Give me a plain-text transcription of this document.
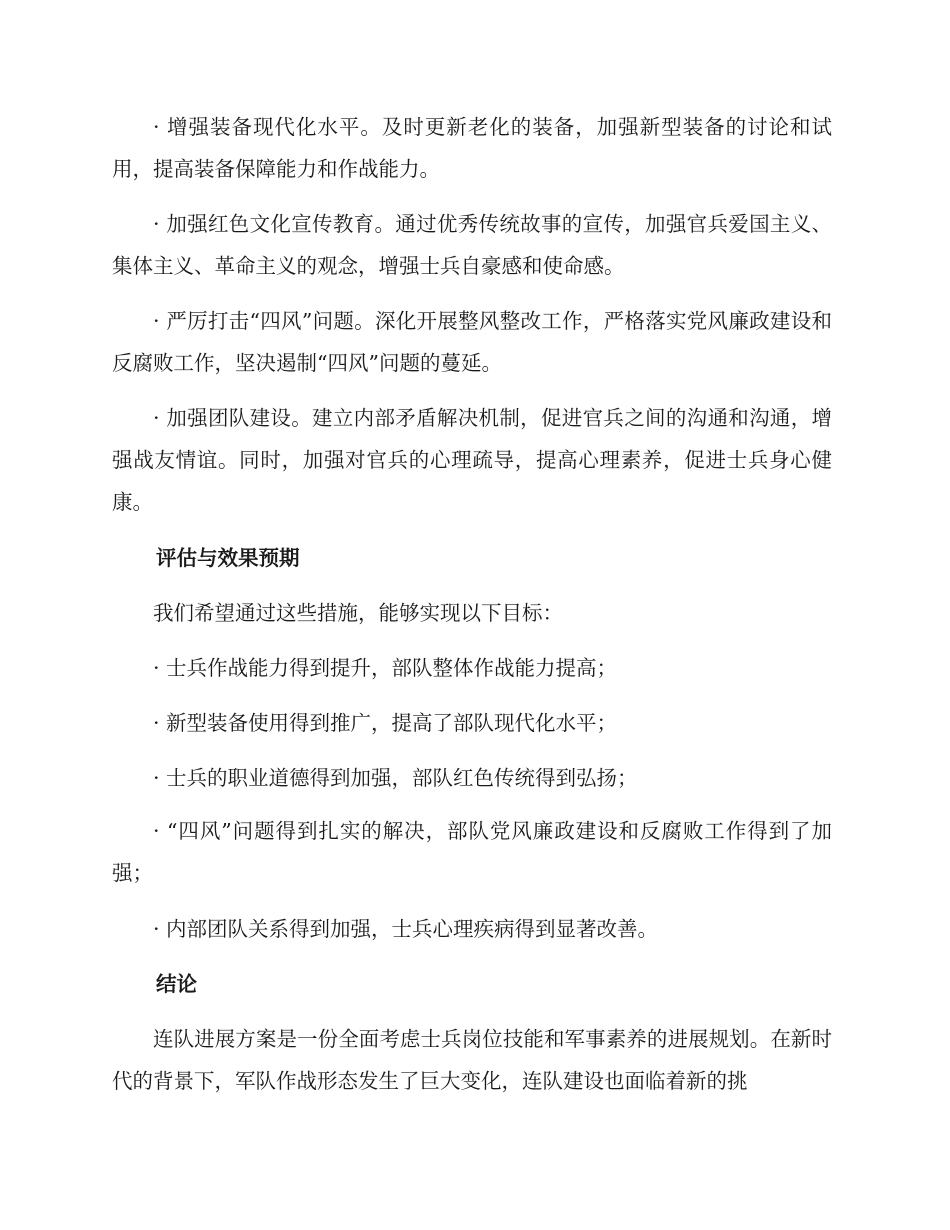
· 增强装备现代化水平。及时更新老化的装备，加强新型装备的讨论和试用，提高装备保障能力和作战能力。

· 加强红色文化宣传教育。通过优秀传统故事的宣传，加强官兵爱国主义、集体主义、革命主义的观念，增强士兵自豪感和使命感。

· 严厉打击“四风”问题。深化开展整风整改工作，严格落实党风廉政建设和反腐败工作，坚决遏制“四风”问题的蔓延。

· 加强团队建设。建立内部矛盾解决机制，促进官兵之间的沟通和沟通，增强战友情谊。同时，加强对官兵的心理疏导，提高心理素养，促进士兵身心健康。

评估与效果预期

我们希望通过这些措施，能够实现以下目标：

· 士兵作战能力得到提升，部队整体作战能力提高；

· 新型装备使用得到推广，提高了部队现代化水平；

· 士兵的职业道德得到加强，部队红色传统得到弘扬；

· “四风”问题得到扎实的解决，部队党风廉政建设和反腐败工作得到了加强；

· 内部团队关系得到加强，士兵心理疾病得到显著改善。

结论

连队进展方案是一份全面考虑士兵岗位技能和军事素养的进展规划。在新时代的背景下，军队作战形态发生了巨大变化，连队建设也面临着新的挑
